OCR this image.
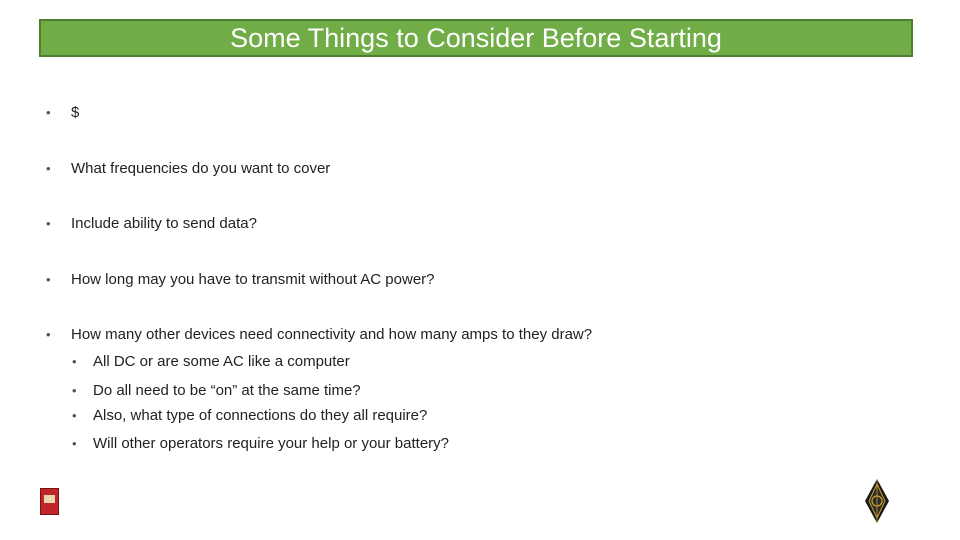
Some Things to Consider Before Starting
• $
• What frequencies do you want to cover
• Include ability to send data?
• How long may you have to transmit without AC power?
• How many other devices need connectivity and how many amps to they draw?
• All DC or are some AC like a computer
• Do all need to be “on” at the same time?
• Also, what type of connections do they all require?
• Will other operators require your help or your battery?
